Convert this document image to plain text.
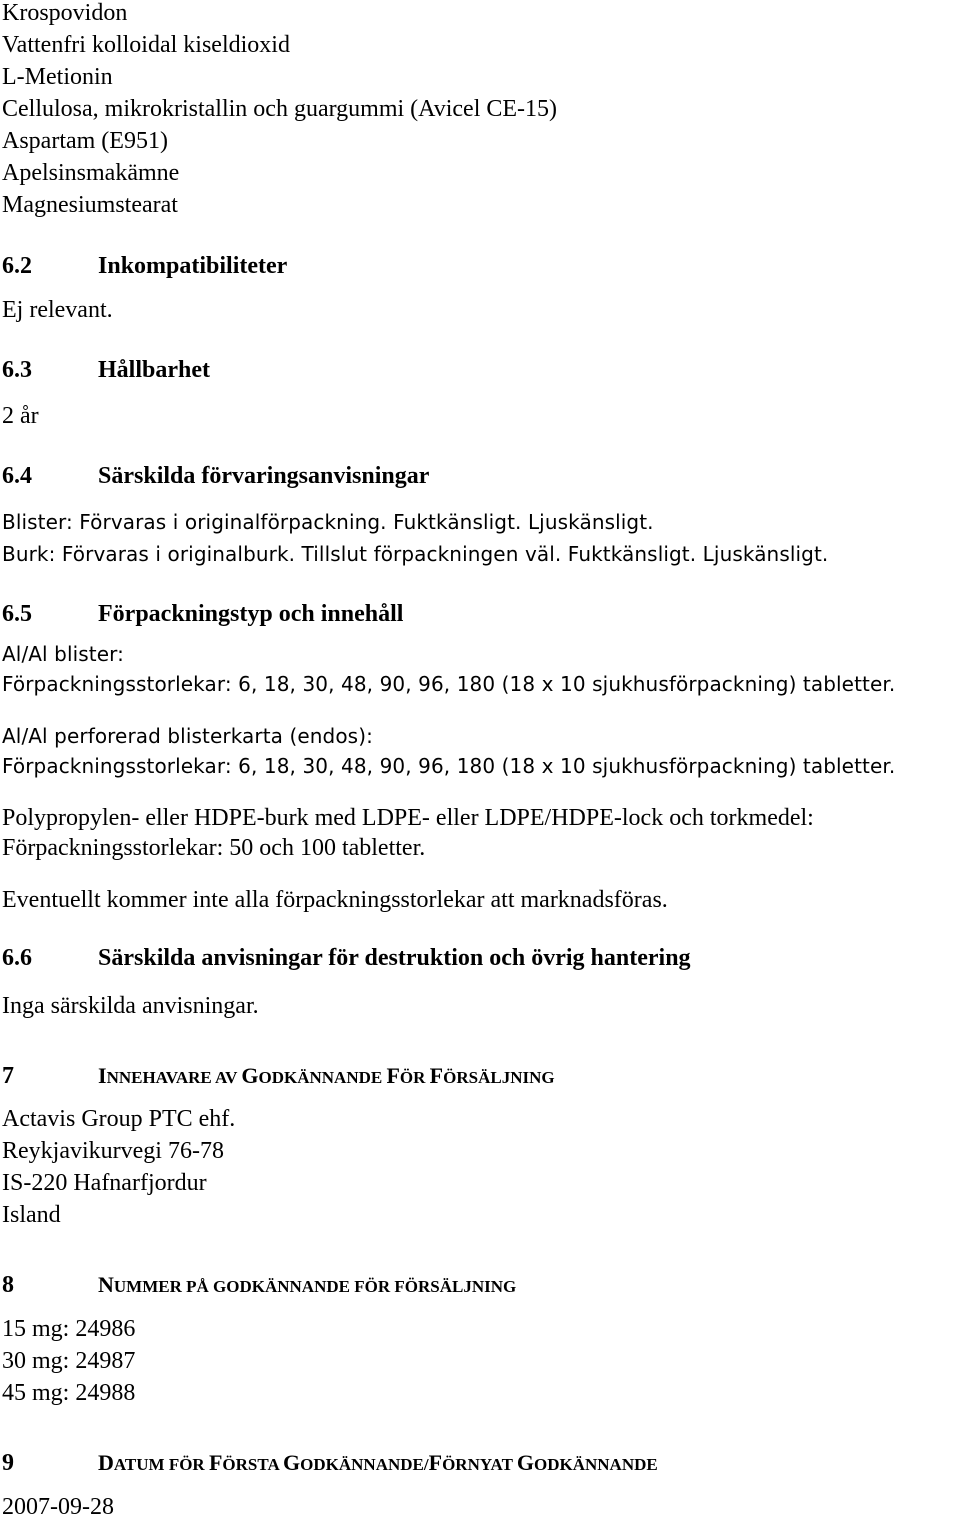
Krospovidon
Vattenfri kolloidal kiseldioxid
L-Metionin
Cellulosa, mikrokristallin och guargummi (Avicel CE-15)
Aspartam (E951)
Apelsinsmakämne
Magnesiumstearat
6.2	Inkompatibiliteter
Ej relevant.
6.3	Hållbarhet
2 år
6.4	Särskilda förvaringsanvisningar
Blister: Förvaras i originalförpackning. Fuktkänsligt. Ljuskänsligt.
Burk: Förvaras i originalburk. Tillslut förpackningen väl. Fuktkänsligt. Ljuskänsligt.
6.5	Förpackningstyp och innehåll
Al/Al blister:
Förpackningsstorlekar: 6, 18, 30, 48, 90, 96, 180 (18 x 10 sjukhusförpackning) tabletter.
Al/Al perforerad blisterkarta (endos):
Förpackningsstorlekar: 6, 18, 30, 48, 90, 96, 180 (18 x 10 sjukhusförpackning) tabletter.
Polypropylen- eller HDPE-burk med LDPE- eller LDPE/HDPE-lock och torkmedel:
Förpackningsstorlekar: 50 och 100 tabletter.
Eventuellt kommer inte alla förpackningsstorlekar att marknadsföras.
6.6	Särskilda anvisningar för destruktion och övrig hantering
Inga särskilda anvisningar.
7	INNEHAVARE AV GODKÄNNANDE FÖR FÖRSÄLJNING
Actavis Group PTC ehf.
Reykjavikurvegi 76-78
IS-220 Hafnarfjordur
Island
8	NUMMER PÅ GODKÄNNANDE FÖR FÖRSÄLJNING
15 mg: 24986
30 mg: 24987
45 mg: 24988
9	DATUM FÖR FÖRSTA GODKÄNNANDE/FÖRNYAT GODKÄNNANDE
2007-09-28
